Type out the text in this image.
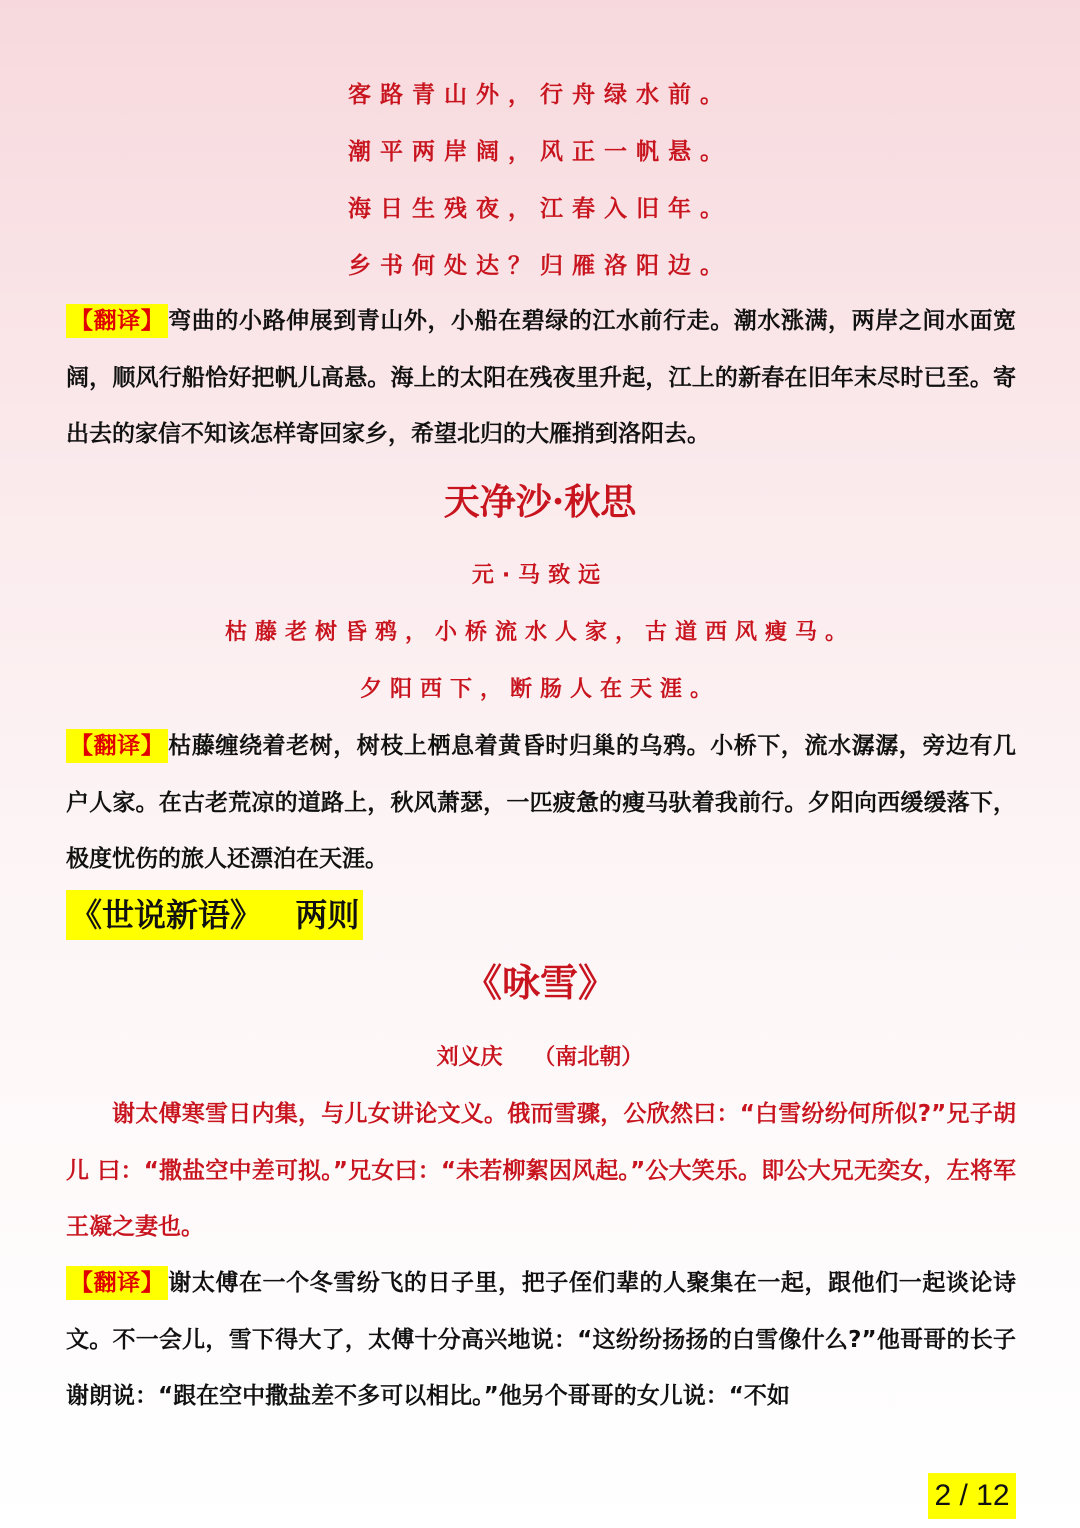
客路青山外，行舟绿水前。
潮平两岸阔，风正一帆悬。
海日生残夜，江春入旧年。
乡书何处达？归雁洛阳边。
【翻译】 弯曲的小路伸展到青山外，小船在碧绿的江水前行走。潮水涨满，两岸之间水面宽阔，顺风行船恰好把帆儿高悬。海上的太阳在残夜里升起，江上的新春在旧年末尽时已至。寄出去的家信不知该怎样寄回家乡，希望北归的大雁捎到洛阳去。
天净沙·秋思
元·马致远
枯藤老树昏鸦，小桥流水人家，古道西风瘦马。
夕阳西下，断肠人在天涯。
【翻译】 枯藤缠绕着老树，树枝上栖息着黄昏时归巢的乌鸦。小桥下，流水潺潺，旁边有几户人家。在古老荒凉的道路上，秋风萧瑟，一匹疲惫的瘦马驮着我前行。夕阳向西缓缓落下，极度忧伤的旅人还漂泊在天涯。
《世说新语》   两则
《咏雪》
刘义庆    （南北朝）
谢太傅寒雪日内集，与儿女讲论文义。俄而雪骤，公欣然曰：“白雪纷纷何所似?”兄子胡儿 曰：“撒盐空中差可拟。”兄女曰：“未若柳絮因风起。”公大笑乐。即公大兄无奕女，左将军王凝之妻也。
【翻译】 谢太傅在一个冬雪纷飞的日子里，把子侄们辈的人聚集在一起，跟他们一起谈论诗文。不一会儿，雪下得大了，太傅十分高兴地说：“这纷纷扬扬的白雪像什么?”他哥哥的长子谢朗说：“跟在空中撒盐差不多可以相比。”他另个哥哥的女儿说：“不如
2 / 12
